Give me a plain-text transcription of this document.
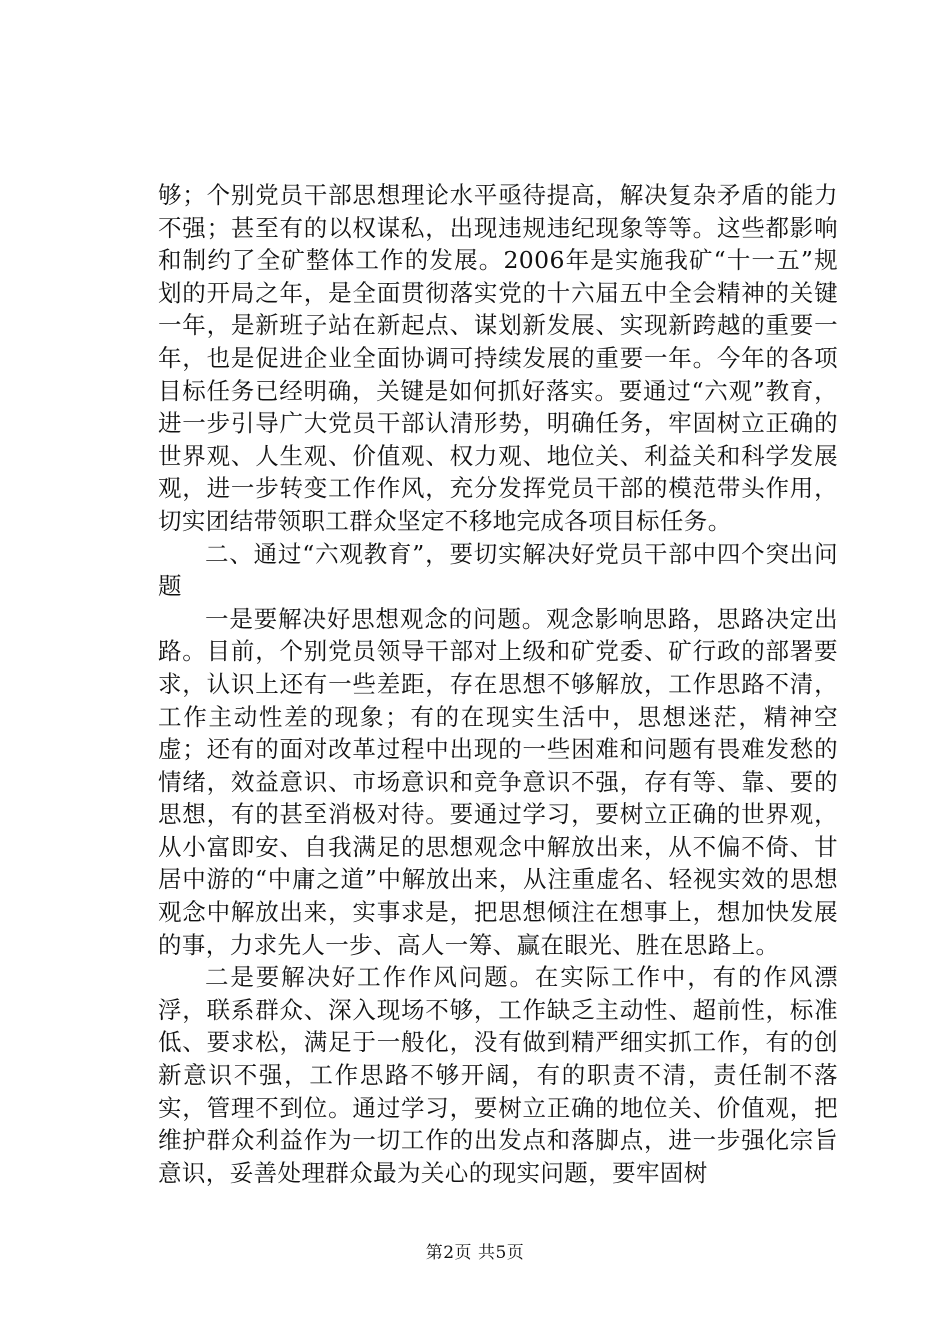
够；个别党员干部思想理论水平亟待提高，解决复杂矛盾的能力不强；甚至有的以权谋私，出现违规违纪现象等等。这些都影响和制约了全矿整体工作的发展。2006年是实施我矿“十一五”规划的开局之年，是全面贯彻落实党的十六届五中全会精神的关键一年，是新班子站在新起点、谋划新发展、实现新跨越的重要一年，也是促进企业全面协调可持续发展的重要一年。今年的各项目标任务已经明确，关键是如何抓好落实。要通过“六观”教育，进一步引导广大党员干部认清形势，明确任务，牢固树立正确的世界观、人生观、价值观、权力观、地位关、利益关和科学发展观，进一步转变工作作风，充分发挥党员干部的模范带头作用，切实团结带领职工群众坚定不移地完成各项目标任务。

二、通过“六观教育”，要切实解决好党员干部中四个突出问题

一是要解决好思想观念的问题。观念影响思路，思路决定出路。目前，个别党员领导干部对上级和矿党委、矿行政的部署要求，认识上还有一些差距，存在思想不够解放，工作思路不清，工作主动性差的现象；有的在现实生活中，思想迷茫，精神空虚；还有的面对改革过程中出现的一些困难和问题有畏难发愁的情绪，效益意识、市场意识和竞争意识不强，存有等、靠、要的思想，有的甚至消极对待。要通过学习，要树立正确的世界观，从小富即安、自我满足的思想观念中解放出来，从不偏不倚、甘居中游的“中庸之道”中解放出来，从注重虚名、轻视实效的思想观念中解放出来，实事求是，把思想倾注在想事上，想加快发展的事，力求先人一步、高人一筹、赢在眼光、胜在思路上。

二是要解决好工作作风问题。在实际工作中，有的作风漂浮，联系群众、深入现场不够，工作缺乏主动性、超前性，标准低、要求松，满足于一般化，没有做到精严细实抓工作，有的创新意识不强，工作思路不够开阔，有的职责不清，责任制不落实，管理不到位。通过学习，要树立正确的地位关、价值观，把维护群众利益作为一切工作的出发点和落脚点，进一步强化宗旨意识，妥善处理群众最为关心的现实问题，要牢固树

第2页 共5页
